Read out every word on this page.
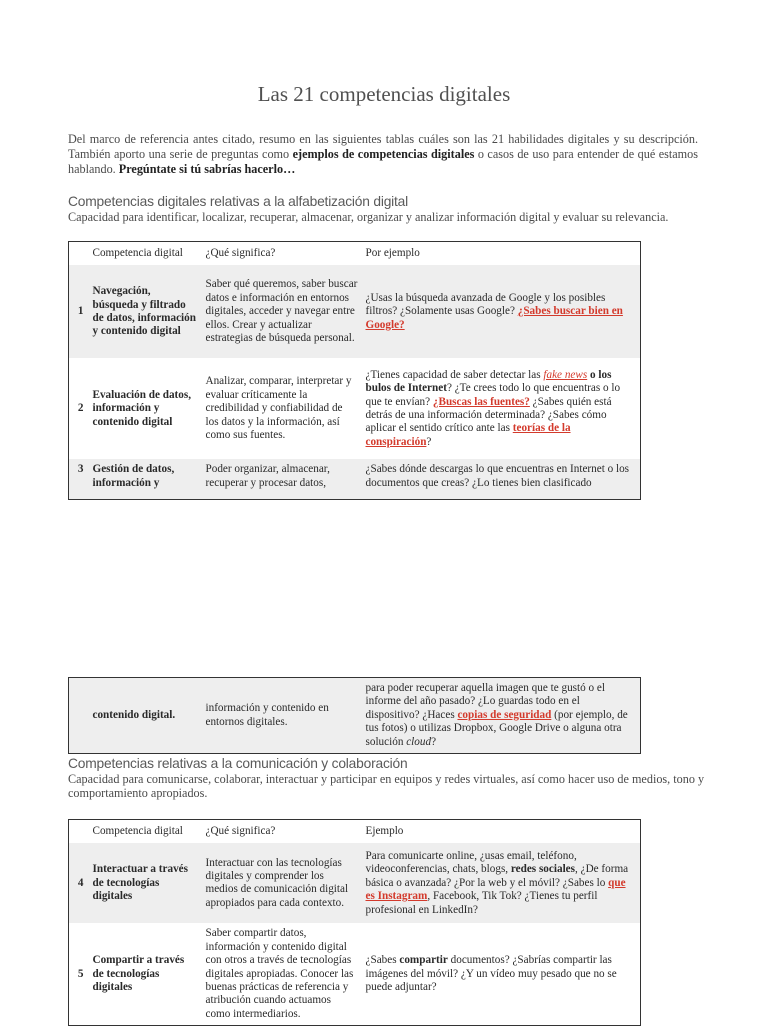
Las 21 competencias digitales
Del marco de referencia antes citado, resumo en las siguientes tablas cuáles son las 21 habilidades digitales y su descripción. También aporto una serie de preguntas como ejemplos de competencias digitales o casos de uso para entender de qué estamos hablando. Pregúntate si tú sabrías hacerlo…
Competencias digitales relativas a la alfabetización digital
Capacidad para identificar, localizar, recuperar, almacenar, organizar y analizar información digital y evaluar su relevancia.
	Competencia digital	¿Qué significa?	Por ejemplo
1	Navegación, búsqueda y filtrado de datos, información y contenido digital	Saber qué queremos, saber buscar datos e información en entornos digitales, acceder y navegar entre ellos. Crear y actualizar estrategias de búsqueda personal.	¿Usas la búsqueda avanzada de Google y los posibles filtros? ¿Solamente usas Google? ¿Sabes buscar bien en Google?
2	Evaluación de datos, información y contenido digital	Analizar, comparar, interpretar y evaluar críticamente la credibilidad y confiabilidad de los datos y la información, así como sus fuentes.	¿Tienes capacidad de saber detectar las fake news o los bulos de Internet? ¿Te crees todo lo que encuentras o lo que te envían? ¿Buscas las fuentes? ¿Sabes quién está detrás de una información determinada? ¿Sabes cómo aplicar el sentido crítico ante las teorías de la conspiración?
3	Gestión de datos, información y	Poder organizar, almacenar, recuperar y procesar datos,	¿Sabes dónde descargas lo que encuentras en Internet o los documentos que creas? ¿Lo tienes bien clasificado
	contenido digital.	información y contenido en entornos digitales.	para poder recuperar aquella imagen que te gustó o el informe del año pasado? ¿Lo guardas todo en el dispositivo? ¿Haces copias de seguridad (por ejemplo, de tus fotos) o utilizas Dropbox, Google Drive o alguna otra solución cloud?
Competencias relativas a la comunicación y colaboración
Capacidad para comunicarse, colaborar, interactuar y participar en equipos y redes virtuales, así como hacer uso de medios, tono y comportamiento apropiados.
	Competencia digital	¿Qué significa?	Ejemplo
4	Interactuar a través de tecnologías digitales	Interactuar con las tecnologías digitales y comprender los medios de comunicación digital apropiados para cada contexto.	Para comunicarte online, ¿usas email, teléfono, videoconferencias, chats, blogs, redes sociales, ¿De forma básica o avanzada? ¿Por la web y el móvil? ¿Sabes lo que es Instagram, Facebook, Tik Tok? ¿Tienes tu perfil profesional en LinkedIn?
5	Compartir a través de tecnologías digitales	Saber compartir datos, información y contenido digital con otros a través de tecnologías digitales apropiadas. Conocer las buenas prácticas de referencia y atribución cuando actuamos como intermediarios.	¿Sabes compartir documentos? ¿Sabrías compartir las imágenes del móvil? ¿Y un vídeo muy pesado que no se puede adjuntar?
